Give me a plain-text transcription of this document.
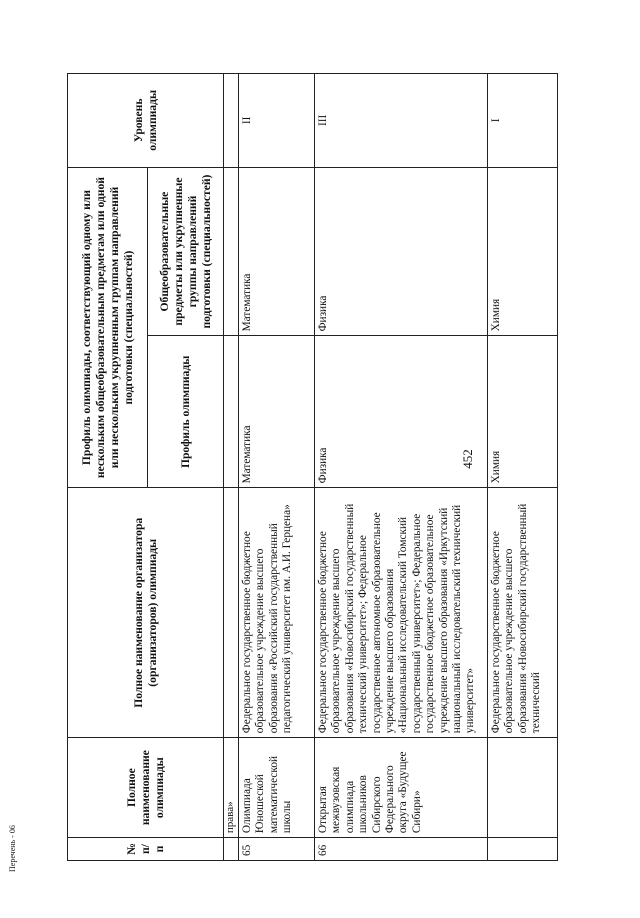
452
№
п/п	Полное наименование олимпиады	Полное наименование организатора (организаторов) олимпиады	Профиль олимпиады, соответствующий одному или нескольким общеобразовательным предметам или одной или нескольким укрупненным группам направлений подготовки (специальностей)		Уровень олимпиады
			Профиль олимпиады	Общеобразовательные предметы или укрупненные группы направлений подготовки (специальностей)	
	права»				
65	Олимпиада Юношеской математической школы	Федеральное государственное бюджетное образовательное учреждение высшего образования «Российский государственный педагогический университет им. А.И. Герцена»	Математика	Математика	II
66	Открытая межвузовская олимпиада школьников Сибирского Федерального округа «Будущее Сибири»	Федеральное государственное бюджетное образовательное учреждение высшего образования «Новосибирский государственный технический университет»; Федеральное государственное автономное образовательное учреждение высшего образования «Национальный исследовательский Томский государственный университет»; Федеральное государственное бюджетное образовательное учреждение высшего образования «Иркутский национальный исследовательский технический университет»	Физика	Физика	III
		Федеральное государственное бюджетное образовательное учреждение высшего образования «Новосибирский государственный технический	Химия	Химия	I
Перечень - 06
